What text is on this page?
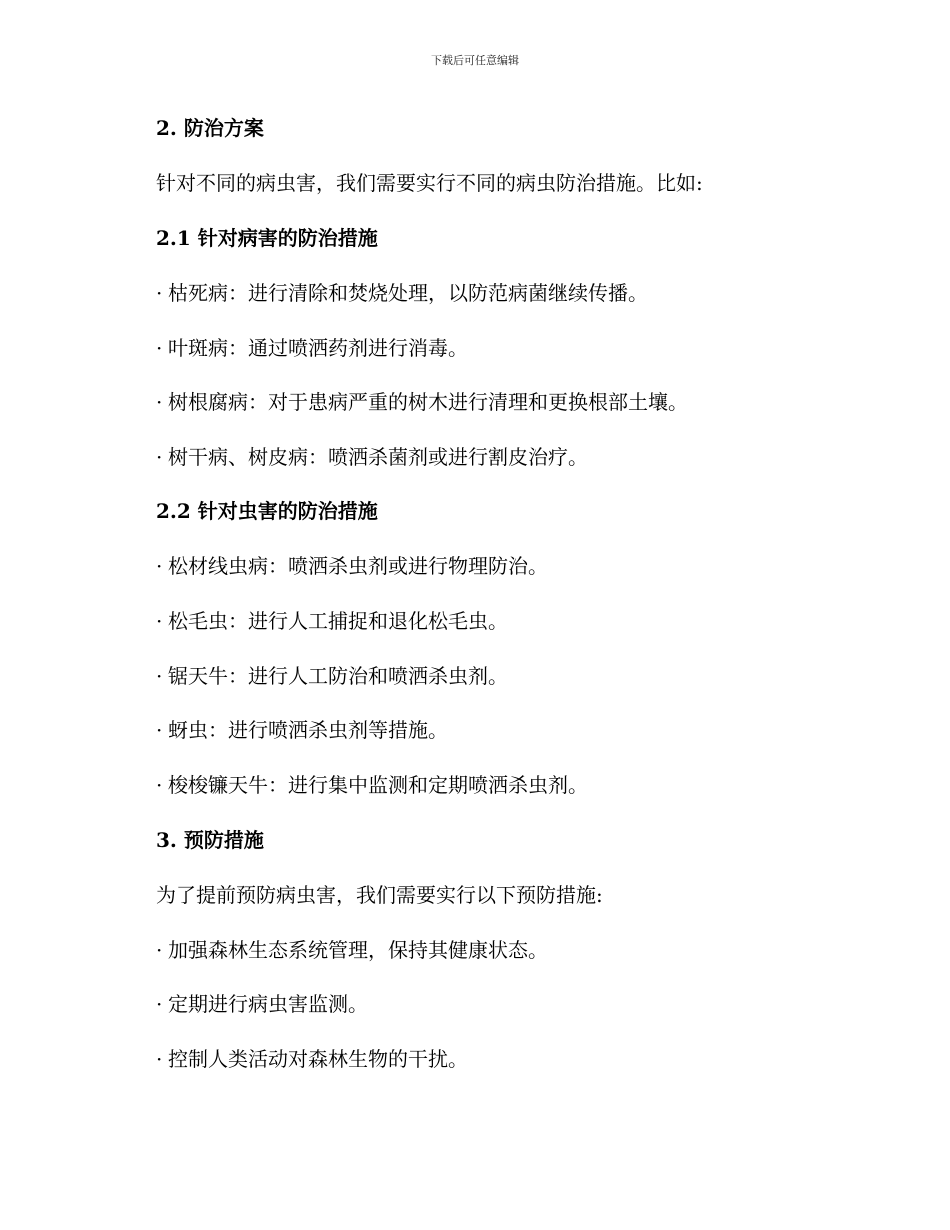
下载后可任意编辑
2. 防治方案
针对不同的病虫害，我们需要实行不同的病虫防治措施。比如:
2.1 针对病害的防治措施
· 枯死病：进行清除和焚烧处理，以防范病菌继续传播。
· 叶斑病：通过喷洒药剂进行消毒。
· 树根腐病：对于患病严重的树木进行清理和更换根部土壤。
· 树干病、树皮病：喷洒杀菌剂或进行割皮治疗。
2.2 针对虫害的防治措施
· 松材线虫病：喷洒杀虫剂或进行物理防治。
· 松毛虫：进行人工捕捉和退化松毛虫。
· 锯天牛：进行人工防治和喷洒杀虫剂。
· 蚜虫：进行喷洒杀虫剂等措施。
· 梭梭镰天牛：进行集中监测和定期喷洒杀虫剂。
3. 预防措施
为了提前预防病虫害，我们需要实行以下预防措施:
· 加强森林生态系统管理，保持其健康状态。
· 定期进行病虫害监测。
· 控制人类活动对森林生物的干扰。
